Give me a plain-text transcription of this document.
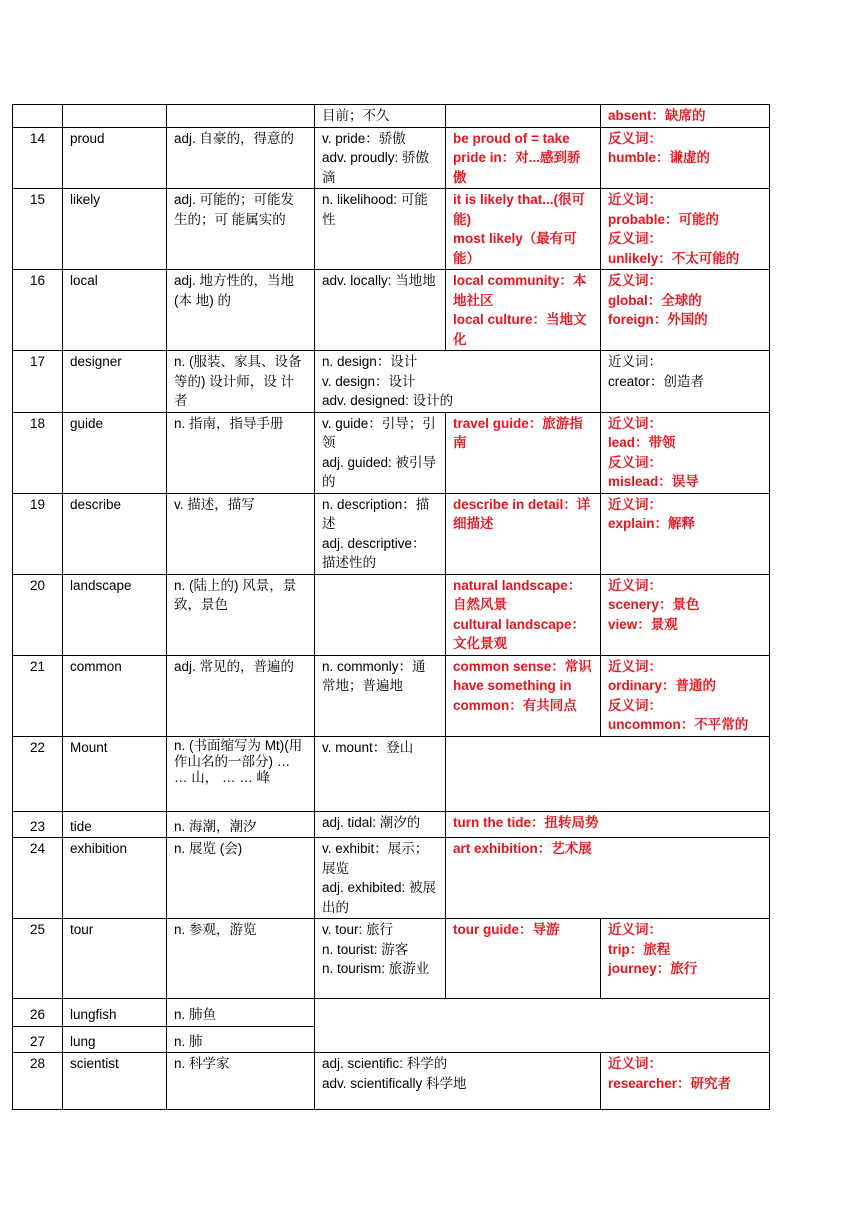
			目前；不久		absent：缺席的

14	proud	adj. 自豪的，得意的	v. pride：骄傲
adv. proudly: 骄傲滴	be proud of = take pride in：对...感到骄傲	反义词：
humble：谦虚的

15	likely	adj. 可能的；可能发生的；可 能属实的	n. likelihood: 可能性	it is likely that...(很可能)
most likely（最有可能）	近义词：
probable：可能的
反义词：
unlikely：不太可能的

16	local	adj. 地方性的，当地(本 地) 的	adv. locally: 当地地	local community：本地社区
local culture：当地文化	反义词：
global：全球的
foreign：外国的

17	designer	n. (服装、家具、设备 等的) 设计师，设 计者	n. design：设计
v. design：设计
adv. designed: 设计的		近义词：
creator：创造者

18	guide	n. 指南，指导手册	v. guide：引导；引领
adj. guided: 被引导的	travel guide：旅游指南	近义词：
lead：带领
反义词：
mislead：误导

19	describe	v. 描述，描写	n. description：描述
adj. descriptive：描述性的	describe in detail：详细描述	近义词：
explain：解释

20	landscape	n. (陆上的) 风景，景 致，景色		natural landscape：自然风景
cultural landscape：文化景观	近义词：
scenery：景色
view：景观

21	common	adj. 常见的，普遍的	n. commonly：通常地；普遍地	common sense：常识
have something in common：有共同点	近义词：
ordinary：普通的
反义词：
uncommon：不平常的

22	Mount	n. (书面缩写为 Mt)(用 作山名的一部分) … … 山， … … 峰	v. mount：登山		

23	tide	n. 海潮，潮汐	adj. tidal: 潮汐的	turn the tide：扭转局势	

24	exhibition	n. 展览 (会)	v. exhibit：展示；展览
adj. exhibited: 被展出的	art exhibition：艺术展	

25	tour	n. 参观，游览	v. tour: 旅行
n. tourist: 游客
n. tourism: 旅游业	tour guide：导游	近义词：
trip：旅程
journey：旅行

26	lungfish	n. 肺鱼			
27	lung	n. 肺			
28	scientist	n. 科学家	adj. scientific: 科学的
adv. scientifically 科学地		近义词：
researcher：研究者
